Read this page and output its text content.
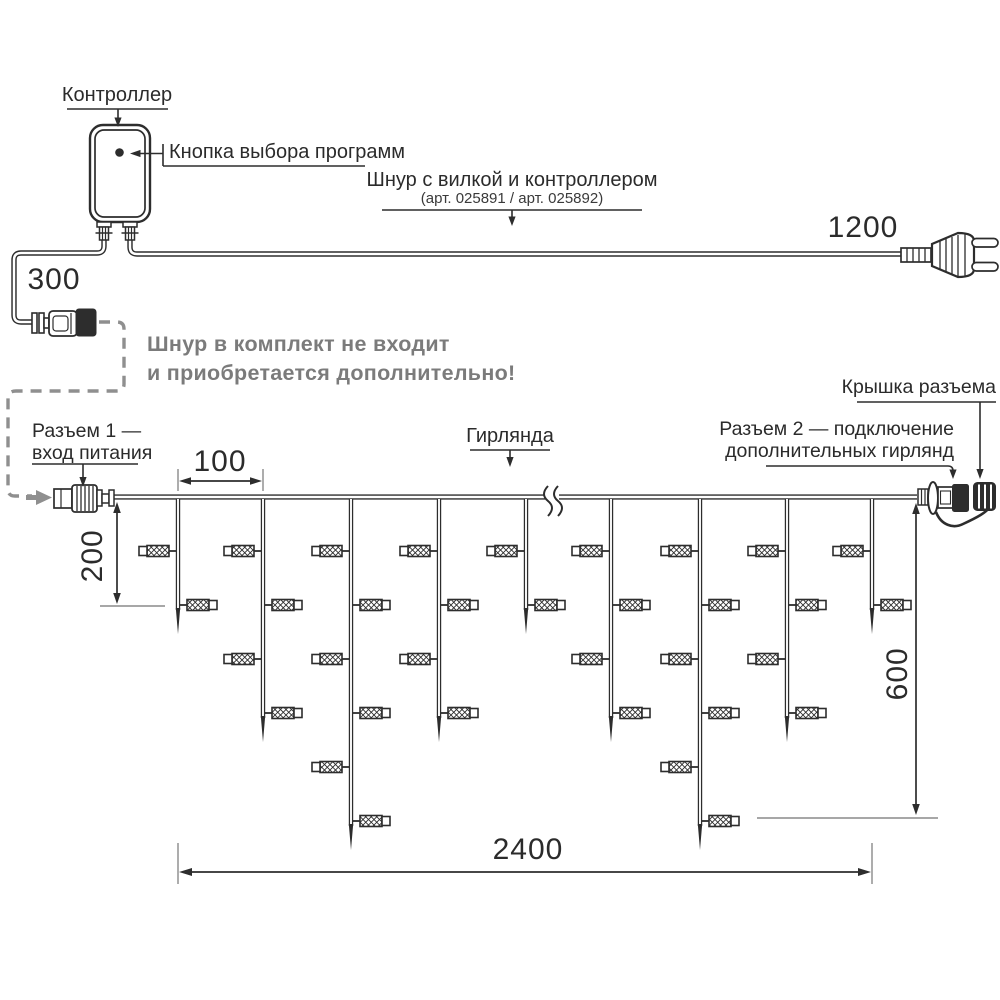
Контроллер
Кнопка выбора программ
Шнур с вилкой и контроллером
(арт. 025891 / арт. 025892)
1200
300
100
200
600
2400
Шнур в комплект не входит
и приобретается дополнительно!
Разъем 1 —
вход питания
Гирлянда
Крышка разъема
Разъем 2 — подключение
дополнительных гирлянд
